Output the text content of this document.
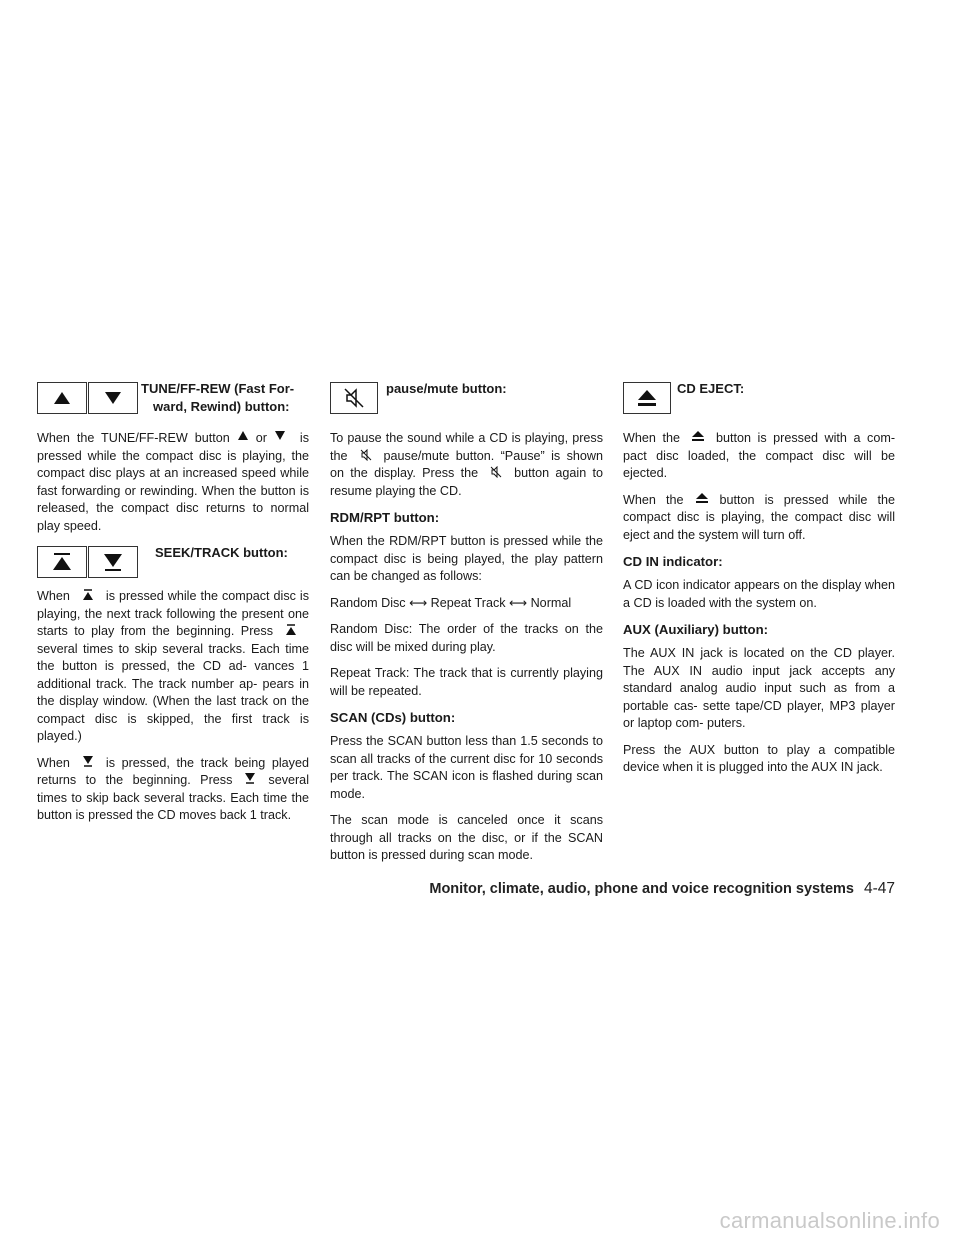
TUNE/FF-REW (Fast For-
ward, Rewind) button:

When the TUNE/FF-REW button or	is pressed while the compact disc is playing, the compact disc plays at an increased speed while fast forwarding or rewinding. When the button is released, the compact disc returns to normal play speed.

SEEK/TRACK button:

When	is pressed while the compact disc is playing, the next track following the present one starts to play from the beginning. Press
several times to skip several tracks. Each time the button is pressed, the CD ad- vances 1 additional track. The track number ap- pears in the display window. (When the last track on the compact disc is skipped, the first track is played.)

When	is pressed, the track being played returns to the beginning. Press	several times to skip back several tracks. Each time the button is pressed the CD moves back 1 track.

pause/mute button:

To pause the sound while a CD is playing, press the	pause/mute button. “Pause” is shown on the display. Press the	button again to resume playing the CD.

RDM/RPT button:

When the RDM/RPT button is pressed while the compact disc is being played, the play pattern can be changed as follows:

Random Disc ⟷ Repeat Track ⟷ Normal

Random Disc: The order of the tracks on the disc will be mixed during play.

Repeat Track: The track that is currently playing will be repeated.

SCAN (CDs) button:

Press the SCAN button less than 1.5 seconds to scan all tracks of the current disc for 10 seconds per track. The SCAN icon is flashed during scan mode.

The scan mode is canceled once it scans through all tracks on the disc, or if the SCAN button is pressed during scan mode.

CD EJECT:

When the	button is pressed with a com- pact disc loaded, the compact disc will be ejected.

When the	button is pressed while the compact disc is playing, the compact disc will eject and the system will turn off.

CD IN indicator:

A CD icon indicator appears on the display when a CD is loaded with the system on.

AUX (Auxiliary) button:

The AUX IN jack is located on the CD player. The AUX IN audio input jack accepts any standard analog audio input such as from a portable cas- sette tape/CD player, MP3 player or laptop com- puters.

Press the AUX button to play a compatible device when it is plugged into the AUX IN jack.

Monitor, climate, audio, phone and voice recognition systems 4-47
carmanualsonline.info
